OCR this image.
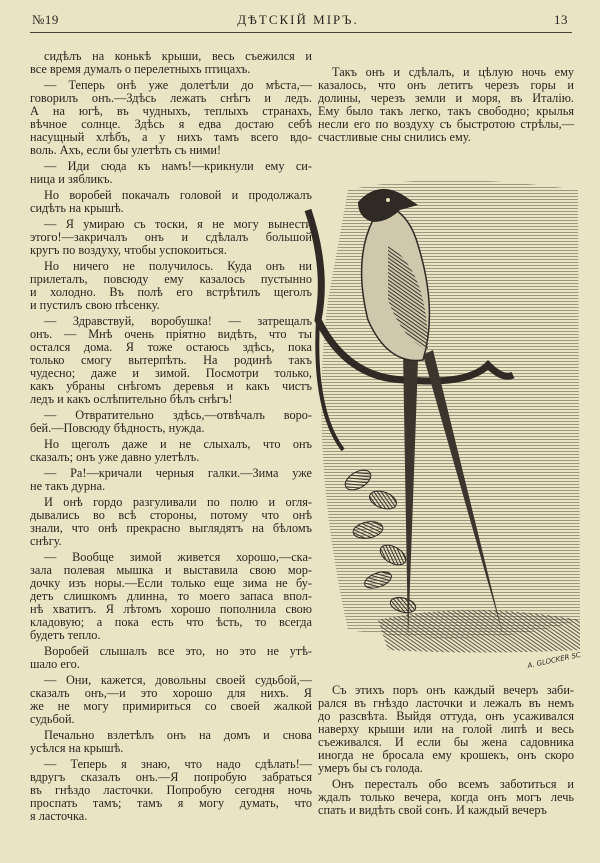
№19	ДѢТСКІЙ МІРЪ.	13
сидѣлъ на конькѣ крыши, весь съежился и
все время думалъ о перелетныхъ птицахъ.
— Теперь онѣ уже долетѣли до мѣста,—
говорилъ онъ.—Здѣсь лежать снѣгъ и ледъ.
А на югѣ, въ чудныхъ, теплыхъ странахъ,
вѣчное солнце. Здѣсь я едва достаю себѣ
насущный хлѣбъ, а у нихъ тамъ всего вдо-
воль. Ахъ, если бы улетѣть съ ними!
— Иди сюда къ намъ!—крикнули ему си-
ница и зябликъ.
Но воробей покачалъ головой и продолжалъ
сидѣть на крышѣ.
— Я умираю съ тоски, я не могу вынести
этого!—закричалъ онъ и сдѣлалъ большой
кругъ по воздуху, чтобы успокоиться.
Но ничего не получилось. Куда онъ ни
прилеталъ, повсюду ему казалось пустынно
и холодно. Въ полѣ его встрѣтилъ щеголъ
и пустилъ свою пѣсенку.
— Здравствуй, воробушка! — затрещалъ
онъ. — Мнѣ очень пріятно видѣть, что ты
остался дома. Я тоже остаюсь здѣсь, пока
только смогу вытерпѣть. На родинѣ такъ
чудесно; даже и зимой. Посмотри только,
какъ убраны снѣгомъ деревья и какъ чистъ
ледъ и какъ ослѣпительно бѣлъ снѣгъ!
— Отвратительно здѣсь,—отвѣчалъ воро-
бей.—Повсюду бѣдность, нужда.
Но щеголъ даже и не слыхалъ, что онъ
сказалъ; онъ уже давно улетѣлъ.
— Ра!—кричали черныя галки.—Зима уже
не такъ дурна.
И онѣ гордо разгуливали по полю и огля-
дывались во всѣ стороны, потому что онѣ
знали, что онѣ прекрасно выглядятъ на бѣломъ
снѣгу.
— Вообще зимой живется хорошо,—ска-
зала полевая мышка и выставила свою мор-
дочку изъ норы.—Если только еще зима не бу-
детъ слишкомъ длинна, то моего запаса впол-
нѣ хватитъ. Я лѣтомъ хорошо пополнила свою
кладовую; а пока есть что ѣсть, то всегда
будетъ тепло.
Воробей слышалъ все это, но это не утѣ-
шало его.
— Они, кажется, довольны своей судьбой,—
сказалъ онъ,—и это хорошо для нихъ. Я
же не могу примириться со своей жалкой
судьбой.
Печально взлетѣлъ онъ на домъ и снова
усѣлся на крышѣ.
— Теперь я знаю, что надо сдѣлать!—
вдругъ сказалъ онъ.—Я попробую забраться
въ гнѣздо ласточки. Попробую сегодня ночь
проспать тамъ; тамъ я могу думать, что
я ласточка.
Такъ онъ и сдѣлалъ, и цѣлую ночь ему
казалось, что онъ летитъ черезъ горы и
долины, черезъ земли и моря, въ Италію.
Ему было такъ легко, такъ свободно; крылья
несли его по воздуху съ быстротою стрѣлы,—
счастливые сны снились ему.
A. GLOCKER SC
Съ этихъ поръ онъ каждый вечеръ заби-
рался въ гнѣздо ласточки и лежалъ въ немъ
до разсвѣта. Выйдя оттуда, онъ усаживался
наверху крыши или на голой липѣ и весь
съеживался. И если бы жена садовника
иногда не бросала ему крошекъ, онъ скоро
умеръ бы съ голода.
Онъ пересталъ обо всемъ заботиться и
ждалъ только вечера, когда онъ могъ лечь
спать и видѣть свой сонъ. И каждый вечеръ
